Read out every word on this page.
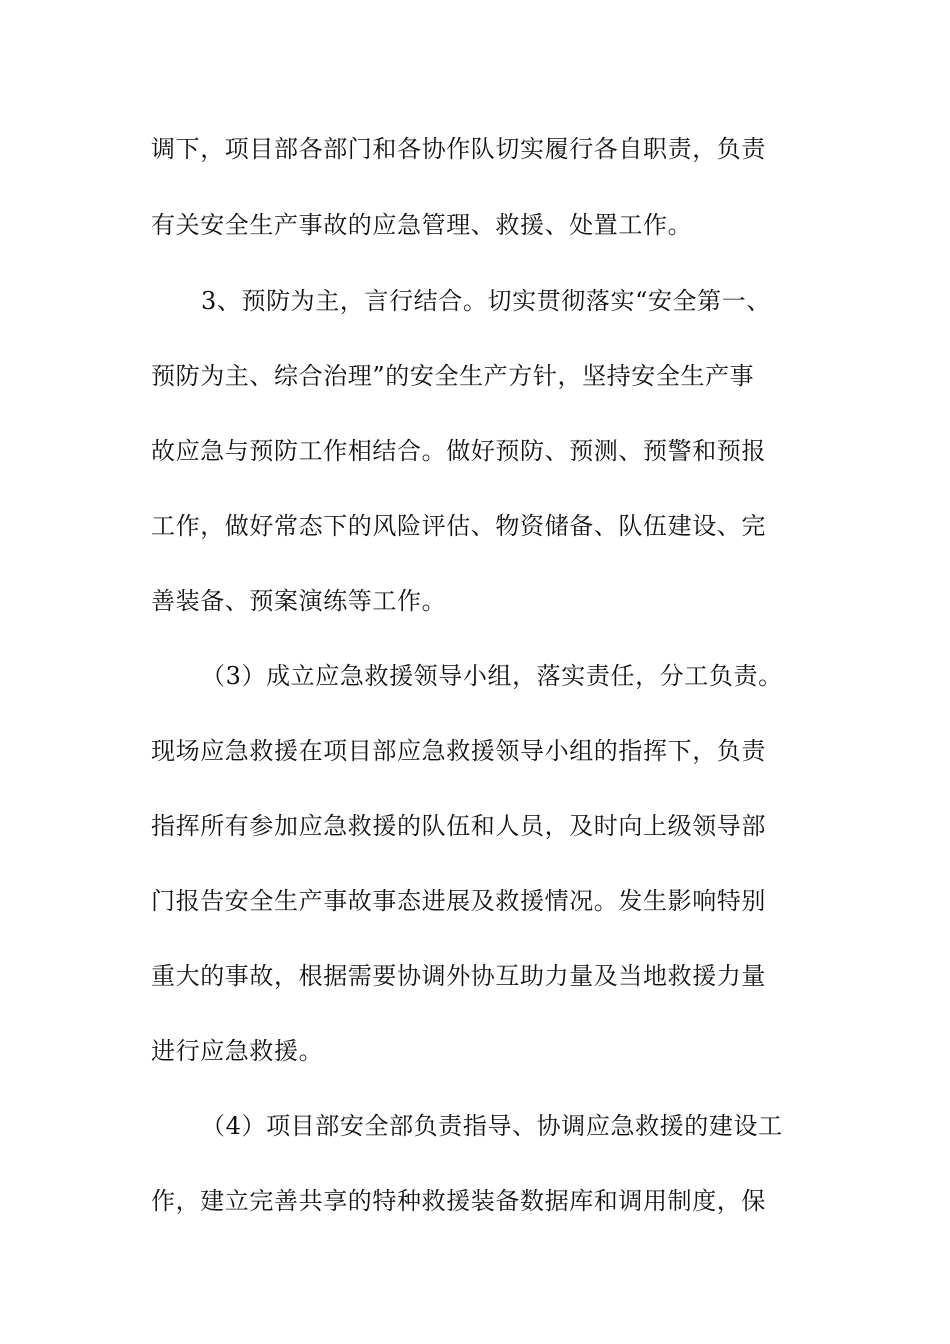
调下，项目部各部门和各协作队切实履行各自职责，负责
有关安全生产事故的应急管理、救援、处置工作。
3、预防为主，言行结合。切实贯彻落实“安全第一、
预防为主、综合治理”的安全生产方针，坚持安全生产事
故应急与预防工作相结合。做好预防、预测、预警和预报
工作，做好常态下的风险评估、物资储备、队伍建设、完
善装备、预案演练等工作。
（3）成立应急救援领导小组，落实责任，分工负责。
现场应急救援在项目部应急救援领导小组的指挥下，负责
指挥所有参加应急救援的队伍和人员，及时向上级领导部
门报告安全生产事故事态进展及救援情况。发生影响特别
重大的事故，根据需要协调外协互助力量及当地救援力量
进行应急救援。
（4）项目部安全部负责指导、协调应急救援的建设工
作，建立完善共享的特种救援装备数据库和调用制度，保
